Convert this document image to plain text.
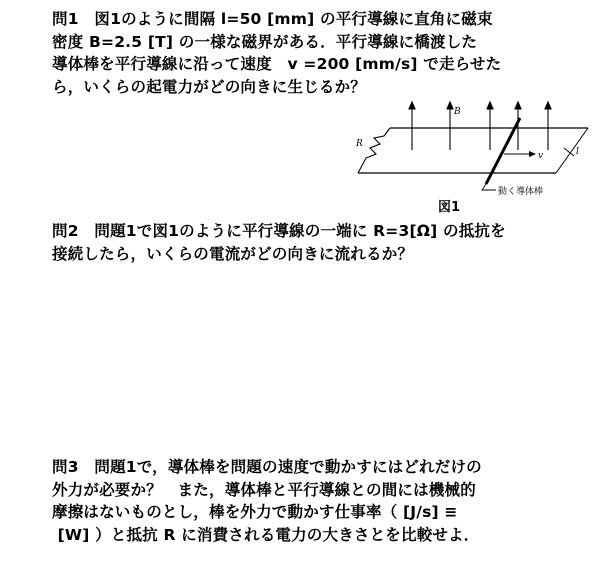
問1　図1のように間隔 l=50 [mm] の平行導線に直角に磁束
密度 B=2.5 [T] の一様な磁界がある．平行導線に橋渡した
導体棒を平行導線に沿って速度　v =200 [mm/s] で走らせた
ら，いくらの起電力がどの向きに生じるか？
B
R
v	l
動く導体棒
図1
問2　問題1で図1のように平行導線の一端に R=3[Ω] の抵抗を
接続したら，いくらの電流がどの向きに流れるか？
問3　問題1で，導体棒を問題の速度で動かすにはどれだけの
外力が必要か？　また，導体棒と平行導線との間には機械的
摩擦はないものとし，棒を外力で動かす仕事率（ [J/s] ≡
[W] ）と抵抗 R に消費される電力の大きさとを比較せよ．
